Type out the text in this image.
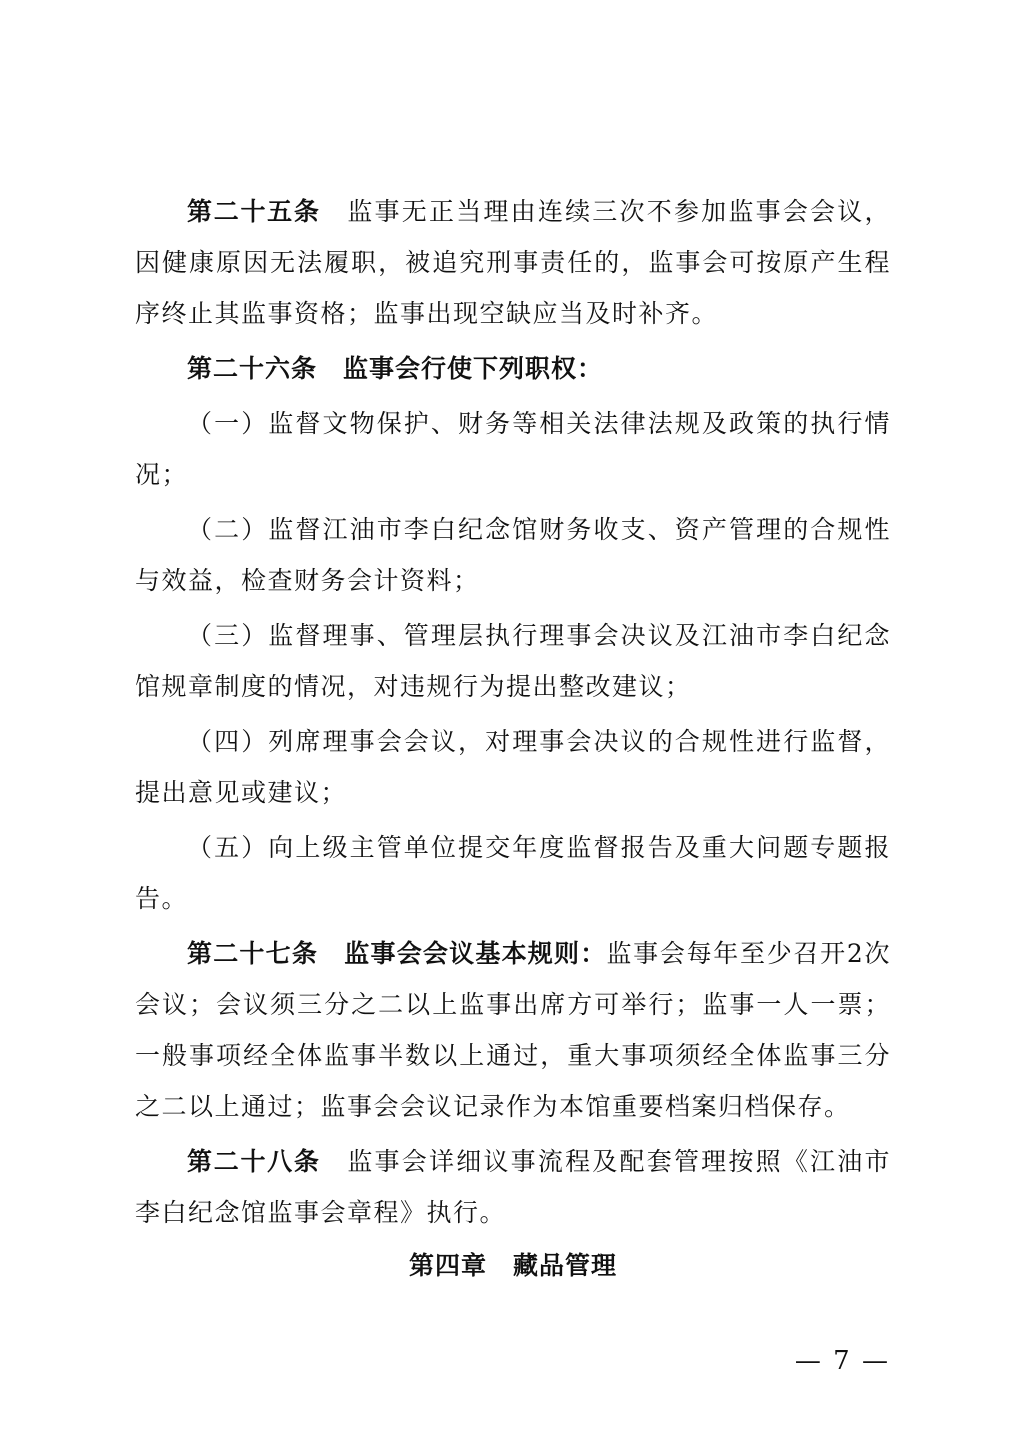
第二十五条 监事无正当理由连续三次不参加监事会会议，因健康原因无法履职，被追究刑事责任的，监事会可按原产生程序终止其监事资格；监事出现空缺应当及时补齐。

第二十六条 监事会行使下列职权：

（一）监督文物保护、财务等相关法律法规及政策的执行情况；

（二）监督江油市李白纪念馆财务收支、资产管理的合规性与效益，检查财务会计资料；

（三）监督理事、管理层执行理事会决议及江油市李白纪念馆规章制度的情况，对违规行为提出整改建议；

（四）列席理事会会议，对理事会决议的合规性进行监督，提出意见或建议；

（五）向上级主管单位提交年度监督报告及重大问题专题报告。

第二十七条 监事会会议基本规则：监事会每年至少召开2次会议；会议须三分之二以上监事出席方可举行；监事一人一票；一般事项经全体监事半数以上通过，重大事项须经全体监事三分之二以上通过；监事会会议记录作为本馆重要档案归档保存。

第二十八条 监事会详细议事流程及配套管理按照《江油市李白纪念馆监事会章程》执行。

第四章 藏品管理
— 7 —
